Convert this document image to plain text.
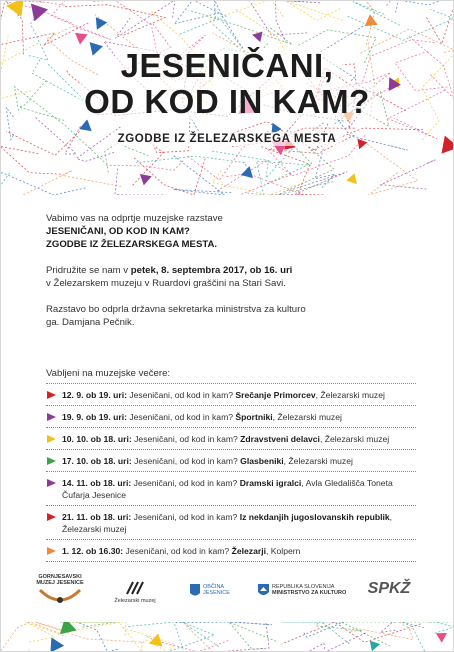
JESENIČANI,
OD KOD IN KAM?
ZGODBE IZ ŽELEZARSKEGA MESTA

Vabimo vas na odprtje muzejske razstave

JESENIČANI, OD KOD IN KAM?

ZGODBE IZ ŽELEZARSKEGA MESTA.

Pridružite se nam v petek, 8. septembra 2017, ob 16. uri

v Železarskem muzeju v Ruardovi graščini na Stari Savi.

Razstavo bo odprla državna sekretarka ministrstva za kulturo

ga. Damjana Pečnik.

Vabljeni na muzejske večere:
12. 9. ob 19. uri: Jeseničani, od kod in kam? Srečanje Primorcev, Železarski muzej
19. 9. ob 19. uri: Jeseničani, od kod in kam? Športniki, Železarski muzej
10. 10. ob 18. uri: Jeseničani, od kod in kam? Zdravstveni delavci, Železarski muzej
17. 10. ob 18. uri: Jeseničani, od kod in kam? Glasbeniki, Železarski muzej
14. 11. ob 18. uri: Jeseničani, od kod in kam? Dramski igralci, Avla Gledališča Toneta Čufarja Jesenice
21. 11. ob 18. uri: Jeseničani, od kod in kam? Iz nekdanjih jugoslovanskih republik, Železarski muzej
1. 12. ob 16.30: Jeseničani, od kod in kam? Železarji, Kolpern
GORNJESAVSKI
MUZEJ JESENICE
Železarski muzej
OBČINA
JESENICE
REPUBLIKA SLOVENIJA
MINISTRSTVO ZA KULTURO SPKŽ
